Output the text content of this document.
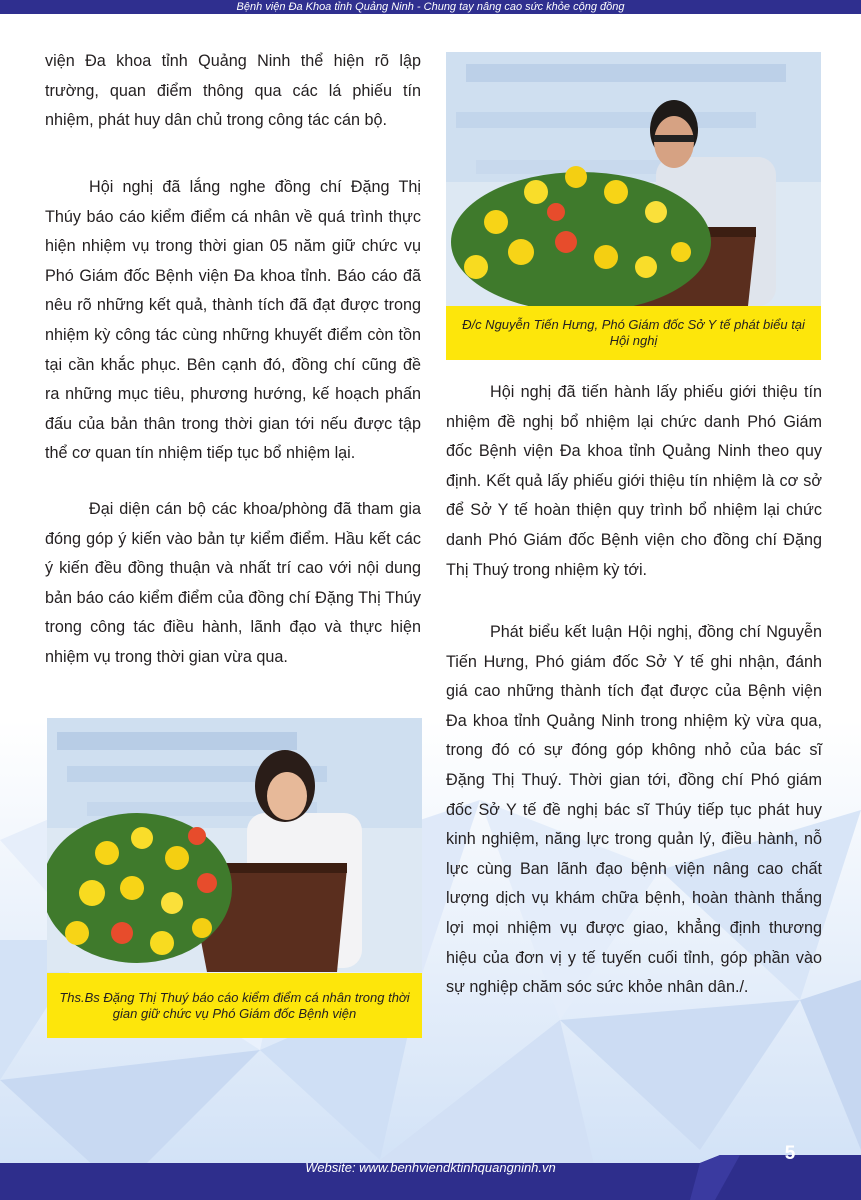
Bệnh viện Đa Khoa tỉnh Quảng Ninh - Chung tay nâng cao sức khỏe cộng đồng

viện Đa khoa tỉnh Quảng Ninh thể hiện rõ lập trường, quan điểm thông qua các lá phiếu tín nhiệm, phát huy dân chủ trong công tác cán bộ.

Hội nghị đã lắng nghe đồng chí Đặng Thị Thúy báo cáo kiểm điểm cá nhân về quá trình thực hiện nhiệm vụ trong thời gian 05 năm giữ chức vụ Phó Giám đốc Bệnh viện Đa khoa tỉnh. Báo cáo đã nêu rõ những kết quả, thành tích đã đạt được trong nhiệm kỳ công tác cùng những khuyết điểm còn tồn tại cần khắc phục. Bên cạnh đó, đồng chí cũng đề ra những mục tiêu, phương hướng, kế hoạch phấn đấu của bản thân trong thời gian tới nếu được tập thể cơ quan tín nhiệm tiếp tục bổ nhiệm lại.

Đại diện cán bộ các khoa/phòng đã tham gia đóng góp ý kiến vào bản tự kiểm điểm. Hầu kết các ý kiến đều đồng thuận và nhất trí cao với nội dung bản báo cáo kiểm điểm của đồng chí Đặng Thị Thúy trong công tác điều hành, lãnh đạo và thực hiện nhiệm vụ trong thời gian vừa qua.

Ths.Bs Đặng Thị Thuý báo cáo kiểm điểm cá nhân trong thời gian giữ chức vụ Phó Giám đốc Bệnh viện
Đ/c Nguyễn Tiến Hưng, Phó Giám đốc Sở Y tế phát biểu tại Hội nghị

Hội nghị đã tiến hành lấy phiếu giới thiệu tín nhiệm đề nghị bổ nhiệm lại chức danh Phó Giám đốc Bệnh viện Đa khoa tỉnh Quảng Ninh theo quy định. Kết quả lấy phiếu giới thiệu tín nhiệm là cơ sở để Sở Y tế hoàn thiện quy trình bổ nhiệm lại chức danh Phó Giám đốc Bệnh viện cho đồng chí Đặng Thị Thuý trong nhiệm kỳ tới.

Phát biểu kết luận Hội nghị, đồng chí Nguyễn Tiến Hưng, Phó giám đốc Sở Y tế ghi nhận, đánh giá cao những thành tích đạt được của Bệnh viện Đa khoa tỉnh Quảng Ninh trong nhiệm kỳ vừa qua, trong đó có sự đóng góp không nhỏ của bác sĩ Đặng Thị Thuý. Thời gian tới, đồng chí Phó giám đốc Sở Y tế đề nghị bác sĩ Thúy tiếp tục phát huy kinh nghiệm, năng lực trong quản lý, điều hành, nỗ lực cùng Ban lãnh đạo bệnh viện nâng cao chất lượng dịch vụ khám chữa bệnh, hoàn thành thắng lợi mọi nhiệm vụ được giao, khẳng định thương hiệu của đơn vị y tế tuyến cuối tỉnh, góp phần vào sự nghiệp chăm sóc sức khỏe nhân dân./.

Website: www.benhviendktinhquangninh.vn
5
